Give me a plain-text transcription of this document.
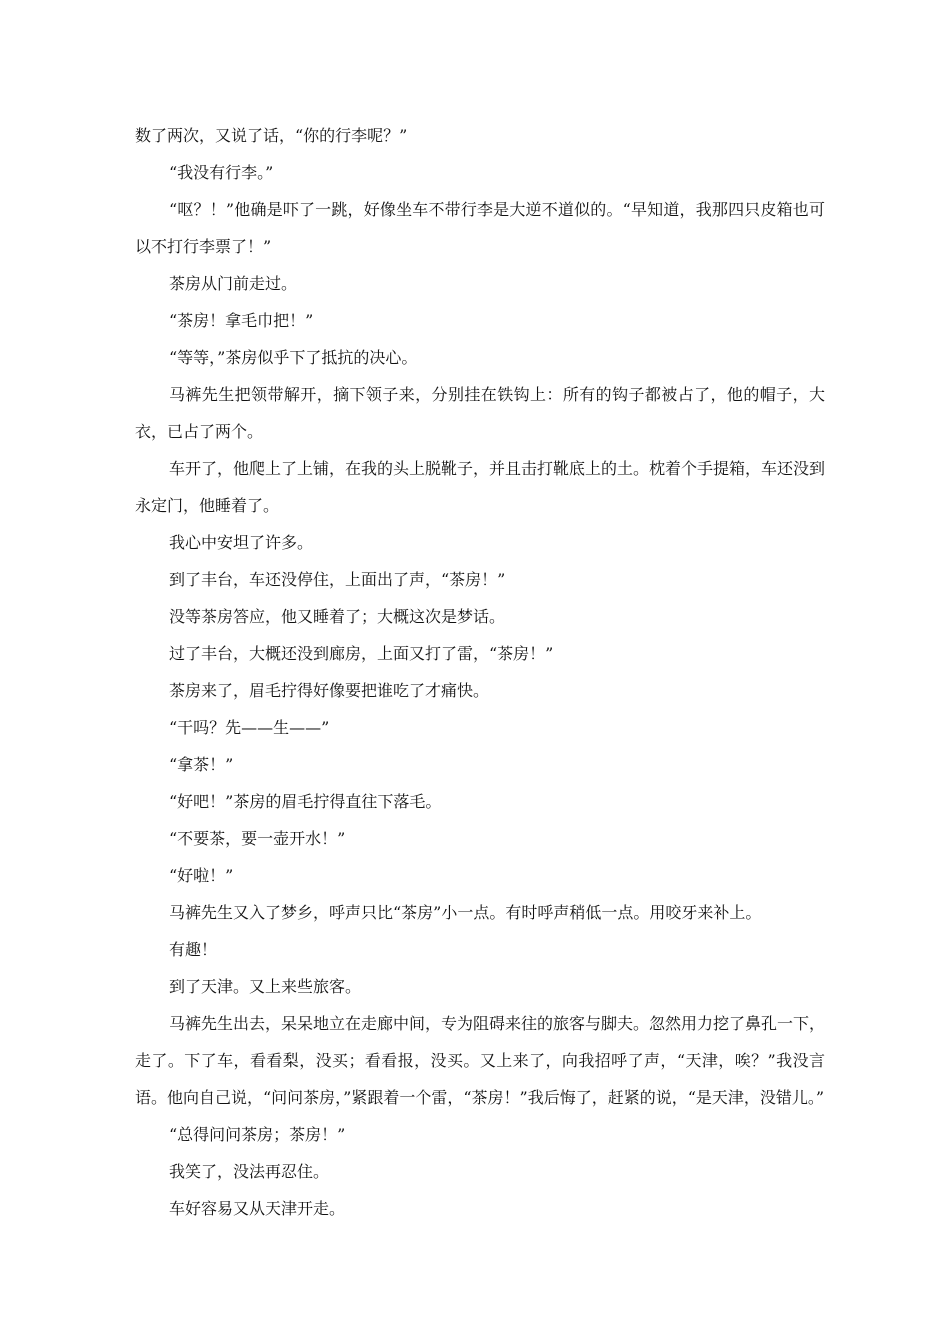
数了两次，又说了话，“你的行李呢？”

“我没有行李。”

“呕？！”他确是吓了一跳，好像坐车不带行李是大逆不道似的。“早知道，我那四只皮箱也可以不打行李票了！”

茶房从门前走过。

“茶房！拿毛巾把！”

“等等，”茶房似乎下了抵抗的决心。

马裤先生把领带解开，摘下领子来，分别挂在铁钩上：所有的钩子都被占了，他的帽子，大衣，已占了两个。

车开了，他爬上了上铺，在我的头上脱靴子，并且击打靴底上的土。枕着个手提箱，车还没到永定门，他睡着了。

我心中安坦了许多。

到了丰台，车还没停住，上面出了声，“茶房！”

没等茶房答应，他又睡着了；大概这次是梦话。

过了丰台，大概还没到廊房，上面又打了雷，“茶房！”

茶房来了，眉毛拧得好像要把谁吃了才痛快。

“干吗？先——生——”

“拿茶！”

“好吧！”茶房的眉毛拧得直往下落毛。

“不要茶，要一壶开水！”

“好啦！”

马裤先生又入了梦乡，呼声只比“茶房”小一点。有时呼声稍低一点。用咬牙来补上。

有趣！

到了天津。又上来些旅客。

马裤先生出去，呆呆地立在走廊中间，专为阻碍来往的旅客与脚夫。忽然用力挖了鼻孔一下，走了。下了车，看看梨，没买；看看报，没买。又上来了，向我招呼了声，“天津，唉？”我没言语。他向自己说，“问问茶房，”紧跟着一个雷，“茶房！”我后悔了，赶紧的说，“是天津，没错儿。”

“总得问问茶房；茶房！”

我笑了，没法再忍住。

车好容易又从天津开走。
